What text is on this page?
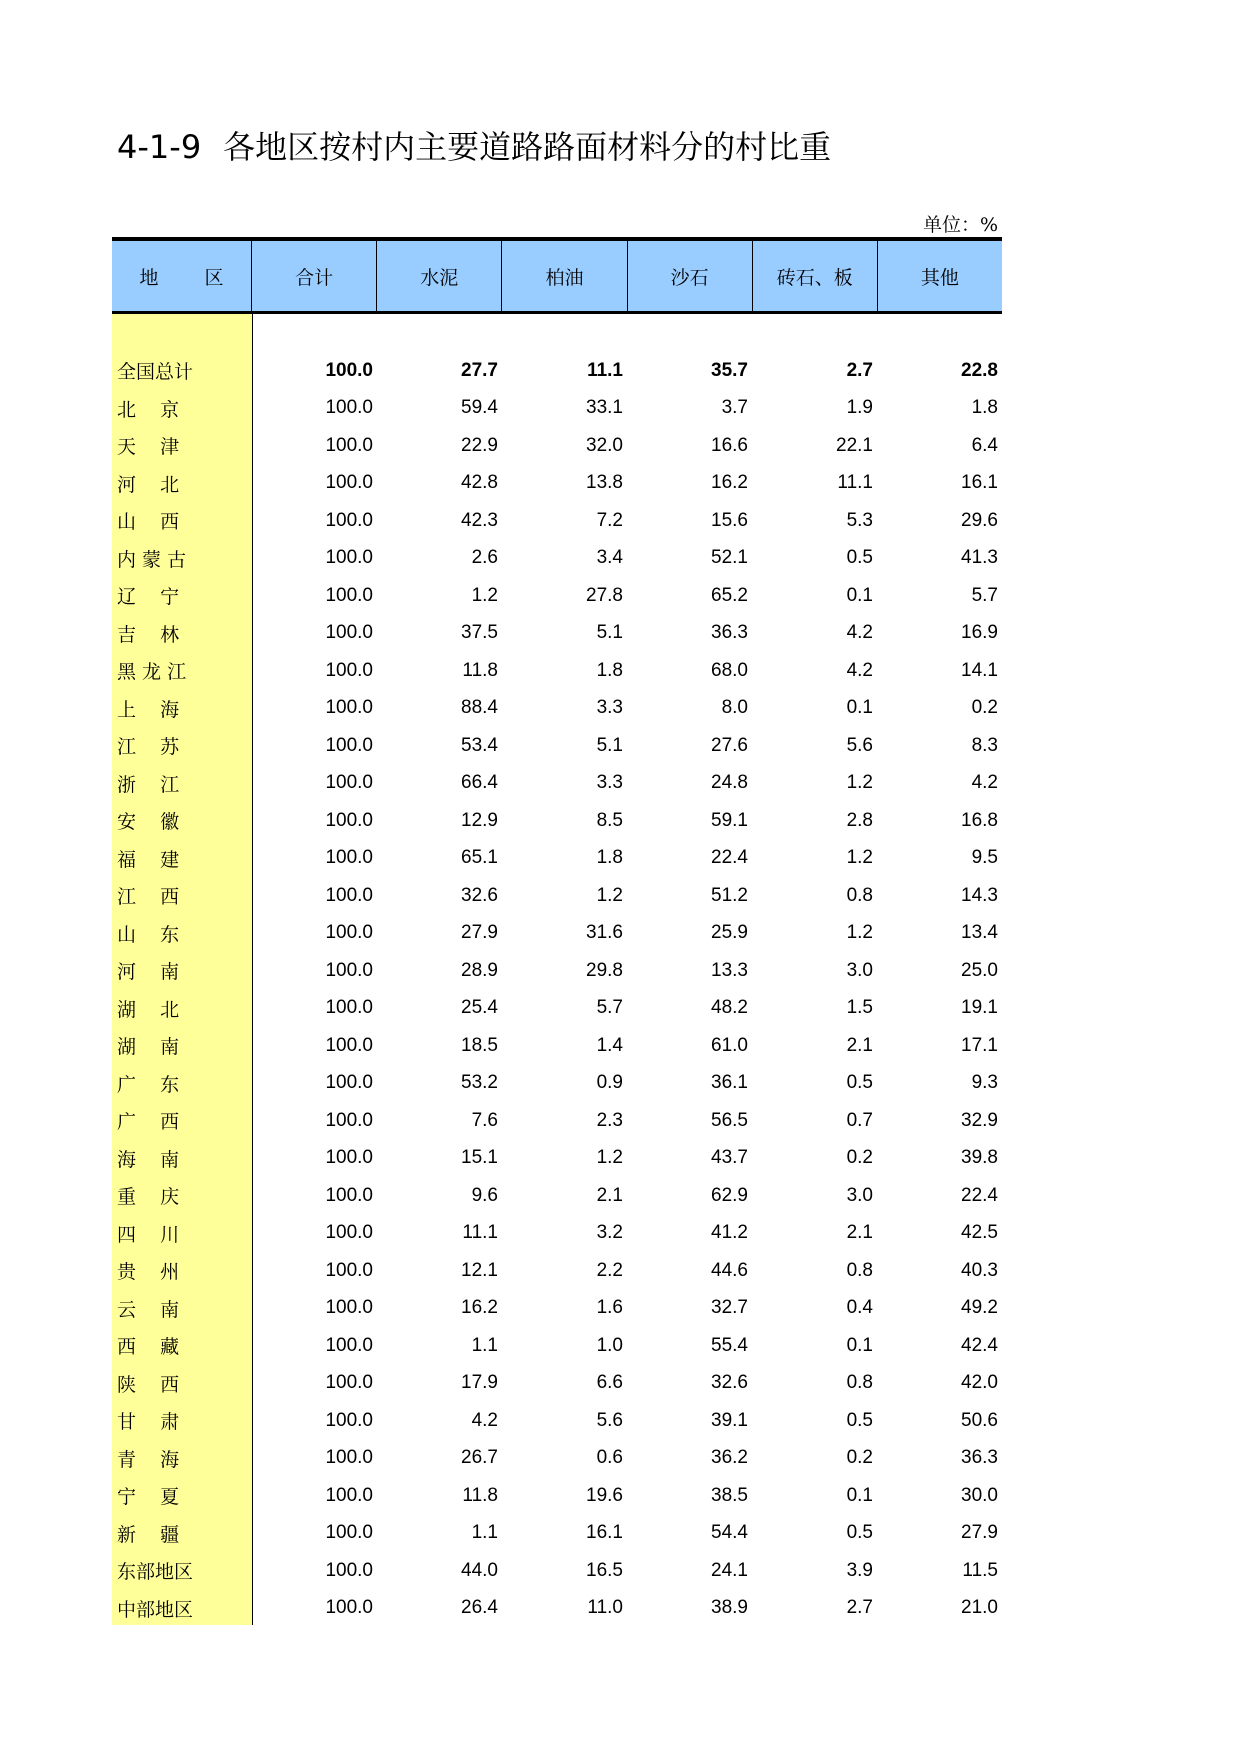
4-1-9 各地区按村内主要道路路面材料分的村比重
单位：%
地 区	合计	水泥	柏油	沙石	砖石、板	其他
全国总计	100.0	27.7	11.1	35.7	2.7	22.8
北    京	100.0	59.4	33.1	3.7	1.9	1.8
天    津	100.0	22.9	32.0	16.6	22.1	6.4
河    北	100.0	42.8	13.8	16.2	11.1	16.1
山    西	100.0	42.3	7.2	15.6	5.3	29.6
内 蒙 古	100.0	2.6	3.4	52.1	0.5	41.3
辽    宁	100.0	1.2	27.8	65.2	0.1	5.7
吉    林	100.0	37.5	5.1	36.3	4.2	16.9
黑 龙 江	100.0	11.8	1.8	68.0	4.2	14.1
上    海	100.0	88.4	3.3	8.0	0.1	0.2
江    苏	100.0	53.4	5.1	27.6	5.6	8.3
浙    江	100.0	66.4	3.3	24.8	1.2	4.2
安    徽	100.0	12.9	8.5	59.1	2.8	16.8
福    建	100.0	65.1	1.8	22.4	1.2	9.5
江    西	100.0	32.6	1.2	51.2	0.8	14.3
山    东	100.0	27.9	31.6	25.9	1.2	13.4
河    南	100.0	28.9	29.8	13.3	3.0	25.0
湖    北	100.0	25.4	5.7	48.2	1.5	19.1
湖    南	100.0	18.5	1.4	61.0	2.1	17.1
广    东	100.0	53.2	0.9	36.1	0.5	9.3
广    西	100.0	7.6	2.3	56.5	0.7	32.9
海    南	100.0	15.1	1.2	43.7	0.2	39.8
重    庆	100.0	9.6	2.1	62.9	3.0	22.4
四    川	100.0	11.1	3.2	41.2	2.1	42.5
贵    州	100.0	12.1	2.2	44.6	0.8	40.3
云    南	100.0	16.2	1.6	32.7	0.4	49.2
西    藏	100.0	1.1	1.0	55.4	0.1	42.4
陕    西	100.0	17.9	6.6	32.6	0.8	42.0
甘    肃	100.0	4.2	5.6	39.1	0.5	50.6
青    海	100.0	26.7	0.6	36.2	0.2	36.3
宁    夏	100.0	11.8	19.6	38.5	0.1	30.0
新    疆	100.0	1.1	16.1	54.4	0.5	27.9
东部地区	100.0	44.0	16.5	24.1	3.9	11.5
中部地区	100.0	26.4	11.0	38.9	2.7	21.0
